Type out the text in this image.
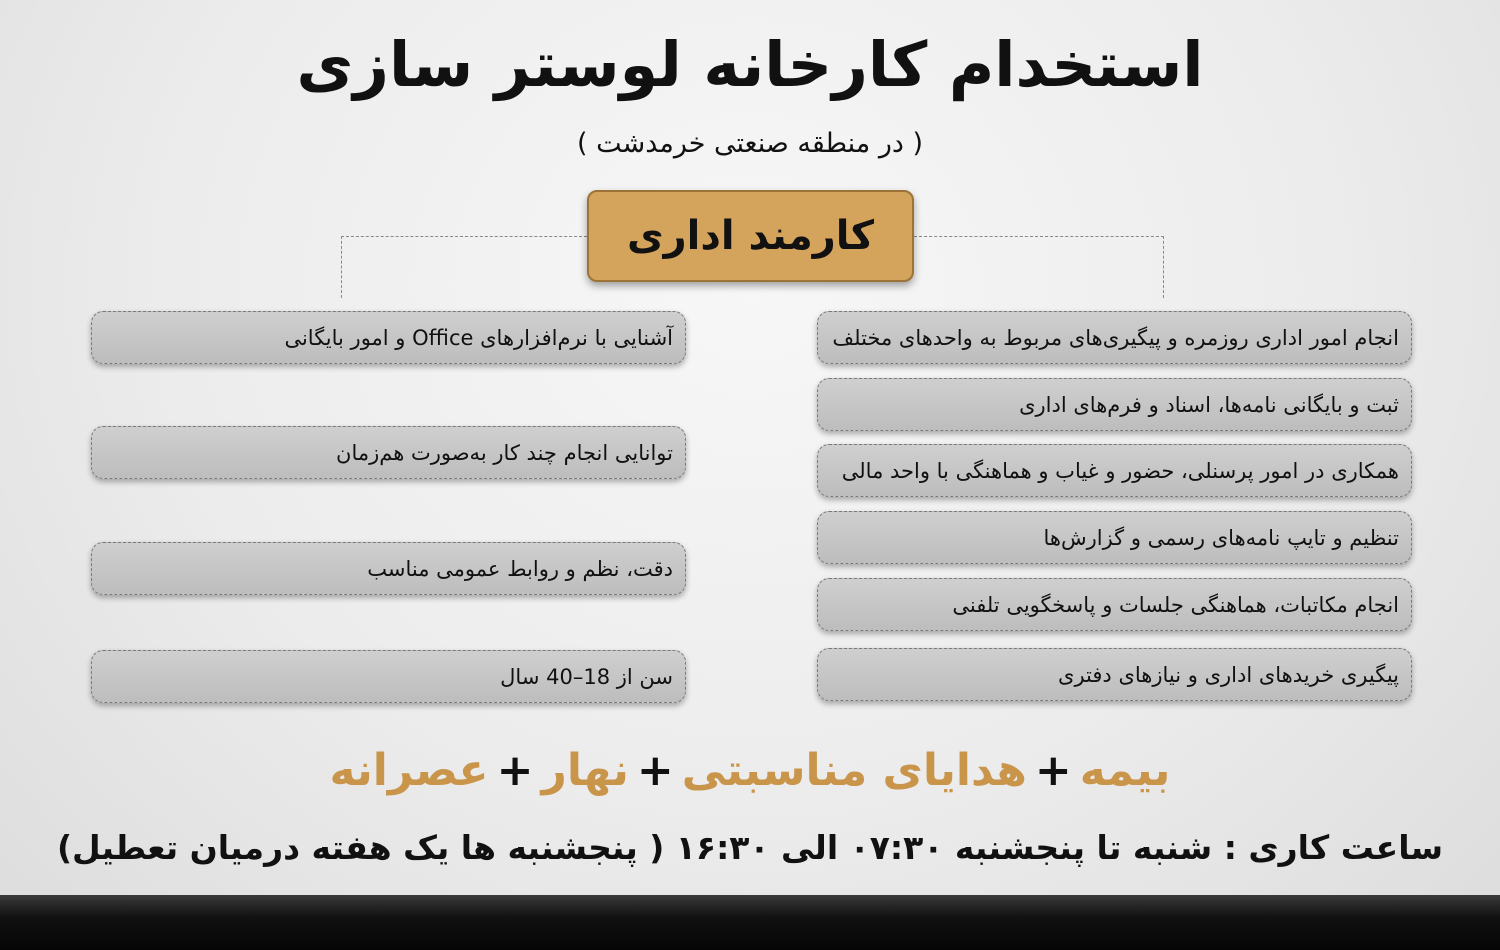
استخدام کارخانه لوستر سازی
( در منطقه صنعتی خرمدشت )
کارمند اداری
انجام امور اداری روزمره و پیگیری‌های مربوط به واحدهای مختلف
ثبت و بایگانی نامه‌ها، اسناد و فرم‌های اداری
همکاری در امور پرسنلی، حضور و غیاب و هماهنگی با واحد مالی
تنظیم و تایپ نامه‌های رسمی و گزارش‌ها
انجام مکاتبات، هماهنگی جلسات و پاسخگویی تلفنی
پیگیری خریدهای اداری و نیازهای دفتری
آشنایی با نرم‌افزارهای Office و امور بایگانی
توانایی انجام چند کار به‌صورت هم‌زمان
دقت، نظم و روابط عمومی مناسب
سن از 18–40 سال
بیمه+هدایای مناسبتی+نهار+عصرانه
ساعت کاری : شنبه تا پنجشنبه ۰۷:۳۰ الی ۱۶:۳۰ ( پنجشنبه ها یک هفته درمیان تعطیل)
